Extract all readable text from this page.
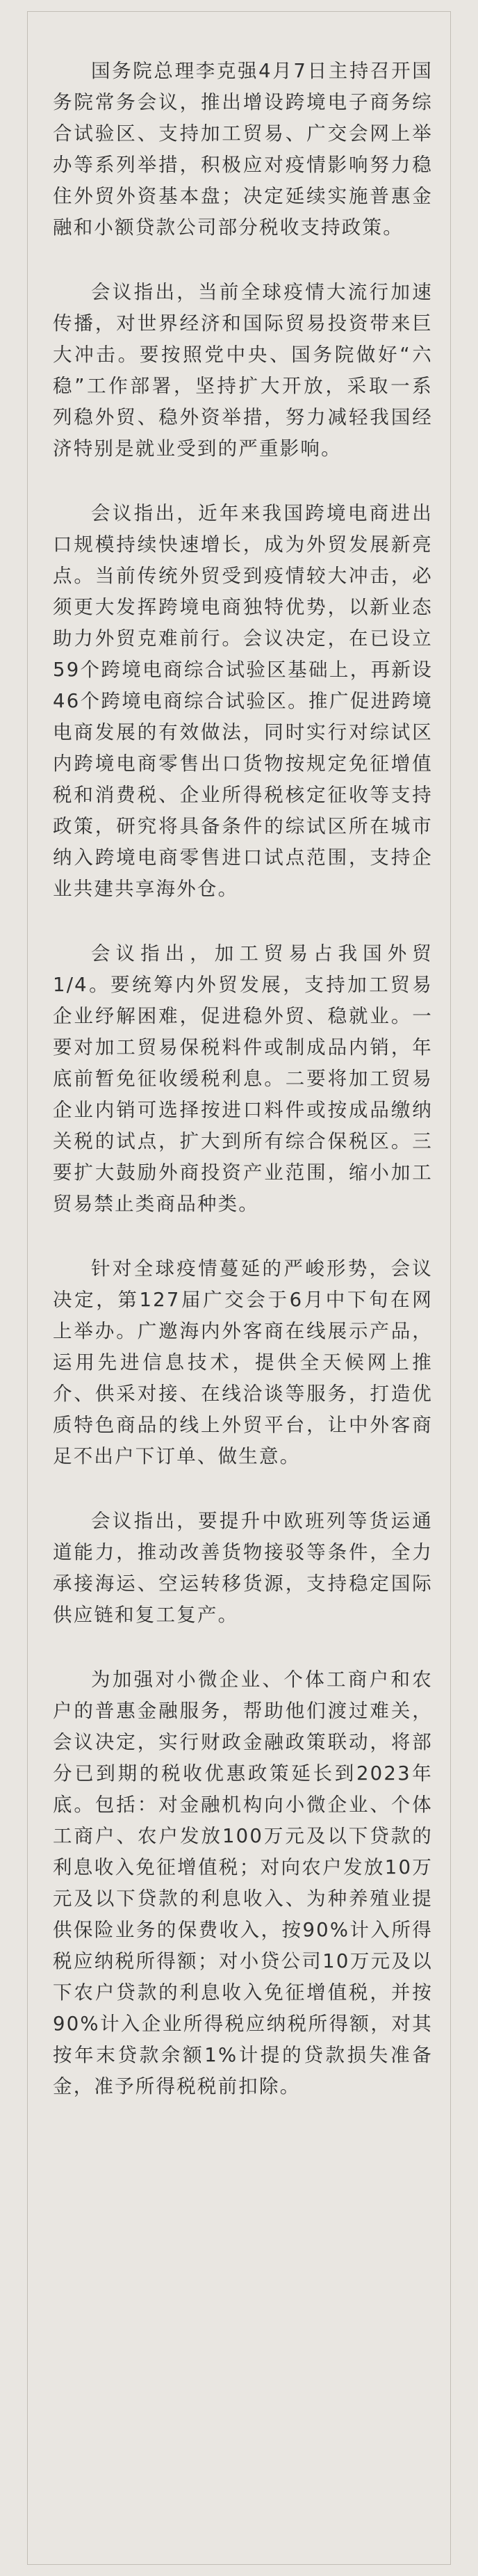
国务院总理李克强4月7日主持召开国务院常务会议，推出增设跨境电子商务综合试验区、支持加工贸易、广交会网上举办等系列举措，积极应对疫情影响努力稳住外贸外资基本盘；决定延续实施普惠金融和小额贷款公司部分税收支持政策。

会议指出，当前全球疫情大流行加速传播，对世界经济和国际贸易投资带来巨大冲击。要按照党中央、国务院做好“六稳”工作部署，坚持扩大开放，采取一系列稳外贸、稳外资举措，努力减轻我国经济特别是就业受到的严重影响。

会议指出，近年来我国跨境电商进出口规模持续快速增长，成为外贸发展新亮点。当前传统外贸受到疫情较大冲击，必须更大发挥跨境电商独特优势，以新业态助力外贸克难前行。会议决定，在已设立59个跨境电商综合试验区基础上，再新设46个跨境电商综合试验区。推广促进跨境电商发展的有效做法，同时实行对综试区内跨境电商零售出口货物按规定免征增值税和消费税、企业所得税核定征收等支持政策，研究将具备条件的综试区所在城市纳入跨境电商零售进口试点范围，支持企业共建共享海外仓。

会议指出，加工贸易占我国外贸1/4。要统筹内外贸发展，支持加工贸易企业纾解困难，促进稳外贸、稳就业。一要对加工贸易保税料件或制成品内销，年底前暂免征收缓税利息。二要将加工贸易企业内销可选择按进口料件或按成品缴纳关税的试点，扩大到所有综合保税区。三要扩大鼓励外商投资产业范围，缩小加工贸易禁止类商品种类。

针对全球疫情蔓延的严峻形势，会议决定，第127届广交会于6月中下旬在网上举办。广邀海内外客商在线展示产品，运用先进信息技术，提供全天候网上推介、供采对接、在线洽谈等服务，打造优质特色商品的线上外贸平台，让中外客商足不出户下订单、做生意。

会议指出，要提升中欧班列等货运通道能力，推动改善货物接驳等条件，全力承接海运、空运转移货源，支持稳定国际供应链和复工复产。

为加强对小微企业、个体工商户和农户的普惠金融服务，帮助他们渡过难关，会议决定，实行财政金融政策联动，将部分已到期的税收优惠政策延长到2023年底。包括：对金融机构向小微企业、个体工商户、农户发放100万元及以下贷款的利息收入免征增值税；对向农户发放10万元及以下贷款的利息收入、为种养殖业提供保险业务的保费收入，按90%计入所得税应纳税所得额；对小贷公司10万元及以下农户贷款的利息收入免征增值税，并按90%计入企业所得税应纳税所得额，对其按年末贷款余额1%计提的贷款损失准备金，准予所得税税前扣除。
